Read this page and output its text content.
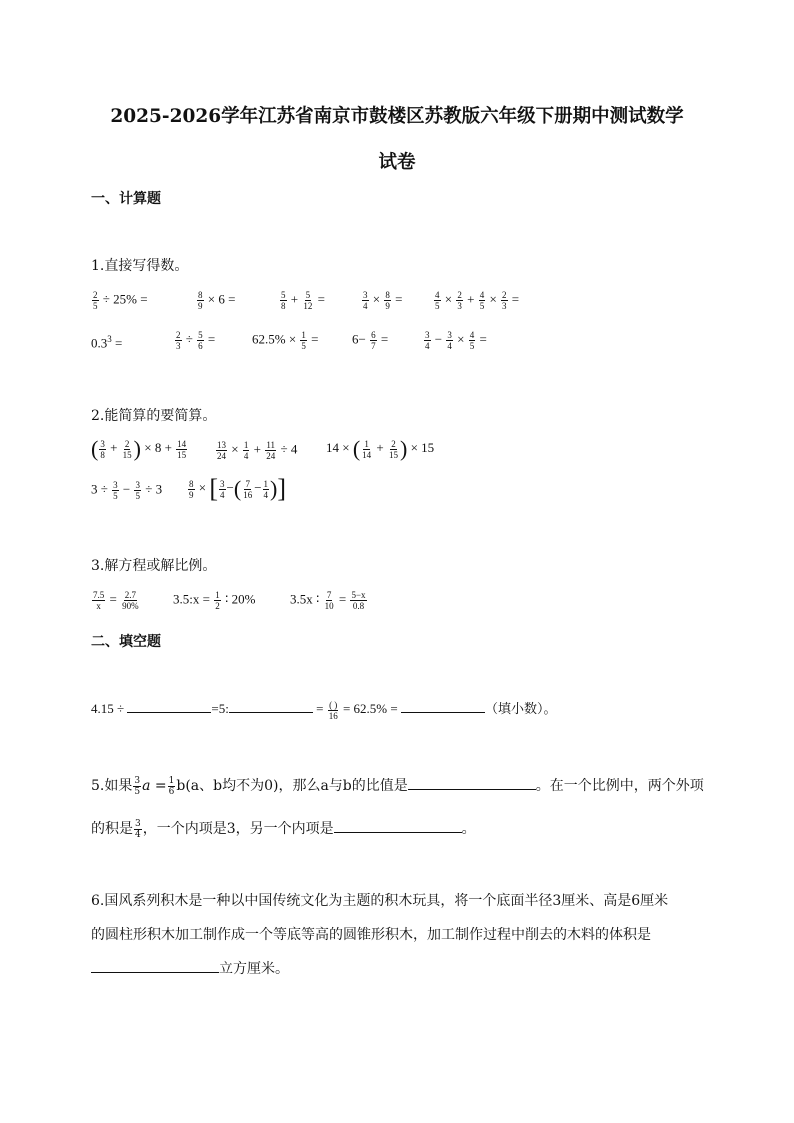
2025-2026学年江苏省南京市鼓楼区苏教版六年级下册期中测试数学
试卷
一、计算题
1.直接写得数。
$\frac{2}{5} \div 25\%$ =	$\frac{8}{9} \times 6$ =	$\frac{5}{8} + \frac{5}{12}$ =	$\frac{3}{4} \times \frac{8}{9}$ =	$\frac{4}{5} \times \frac{2}{3} + \frac{4}{5} \times \frac{2}{3}$ =
$0.3^3$ =	$\frac{2}{3} \div \frac{5}{6}$ =	$62.5\% \times \frac{1}{5}$ =	$6- \frac{6}{7}$ =	$\frac{3}{4} - \frac{3}{4} \times \frac{4}{5}$ =
2.能简算的要简算。
( $\frac{3}{8} + \frac{2}{15}$ ) × $8 + \frac{14}{15}$	$\frac{13}{24} \times \frac{1}{4} + \frac{11}{24} \div 4$ 14 × ( $\frac{1}{14} + \frac{2}{15}$ ) × 15
$3 \div \frac{3}{5} - \frac{3}{5} \div 3$	$\frac{8}{9}$ × [ $\frac{3}{4}$ −( $\frac{7}{16} - \frac{1}{4}$ )]
3.解方程或解比例。
$\frac{7.5}{x} = \frac{2.7}{90\%}$	3.5:x = $\frac{1}{2}$ ∶ 20%	3.5x ∶ $\frac{7}{10} = \frac{5-x}{0.8}$
二、填空题
4.15 ÷	=5:	= ( )
16 = 62.5% =	（填小数）。
5.如果 $\frac{3}{5}$ $a = \frac{1}{6} b(a$、b均不为0)，那么a与b的比值是	。在一个比例中，两个外项
的积是 $\frac{3}{4}$ ，一个内项是3，另一个内项是	。
6.国风系列积木是一种以中国传统文化为主题的积木玩具，将一个底面半径3厘米、高是6厘米
的圆柱形积木加工制作成一个等底等高的圆锥形积木，加工制作过程中削去的木料的体积是
立方厘米。
